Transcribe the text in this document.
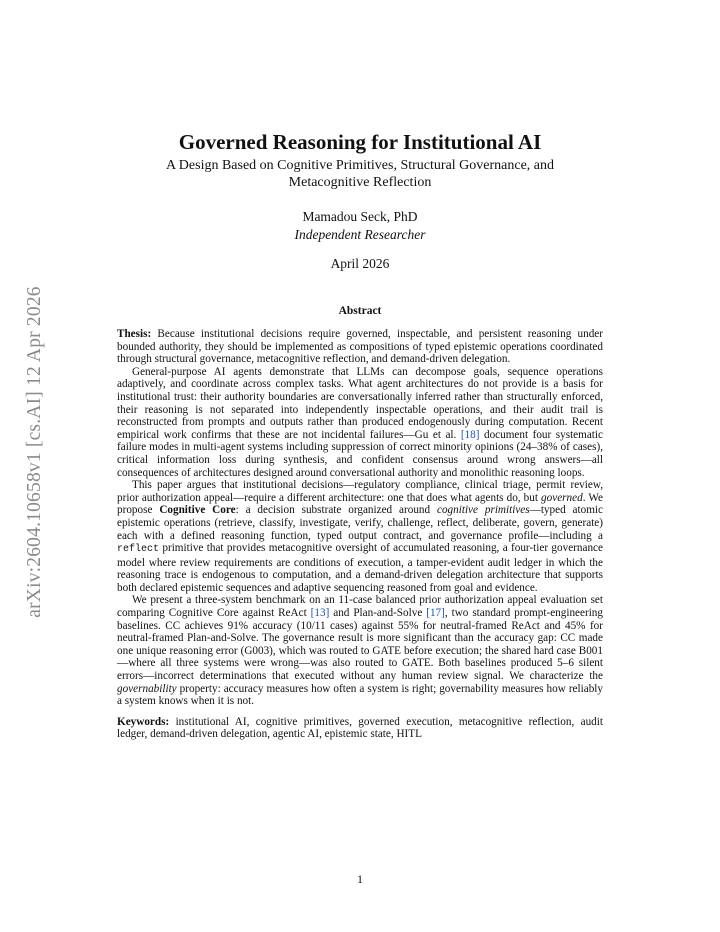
arXiv:2604.10658v1 [cs.AI] 12 Apr 2026
Governed Reasoning for Institutional AI
A Design Based on Cognitive Primitives, Structural Governance, and Metacognitive Reflection
Mamadou Seck, PhD
Independent Researcher
April 2026
Abstract

Thesis: Because institutional decisions require governed, inspectable, and persistent reasoning under bounded authority, they should be implemented as compositions of typed epistemic operations coordinated through structural governance, metacognitive reflection, and demand-driven delegation.

General-purpose AI agents demonstrate that LLMs can decompose goals, sequence operations adaptively, and coordinate across complex tasks. What agent architectures do not provide is a basis for institutional trust: their authority boundaries are conversationally inferred rather than structurally enforced, their reasoning is not separated into independently inspectable operations, and their audit trail is reconstructed from prompts and outputs rather than produced endogenously during computation. Recent empirical work confirms that these are not incidental failures—Gu et al. [18] document four systematic failure modes in multi-agent systems including suppression of correct minority opinions (24–38% of cases), critical information loss during synthesis, and confident consensus around wrong answers—all consequences of architectures designed around conversational authority and monolithic reasoning loops.

This paper argues that institutional decisions—regulatory compliance, clinical triage, permit review, prior authorization appeal—require a different architecture: one that does what agents do, but governed. We propose Cognitive Core: a decision substrate organized around cognitive primitives—typed atomic epistemic operations (retrieve, classify, investigate, verify, challenge, reflect, deliberate, govern, generate) each with a defined reasoning function, typed output contract, and governance profile—including a reflect primitive that provides metacognitive oversight of accumulated reasoning, a four-tier governance model where review requirements are conditions of execution, a tamper-evident audit ledger in which the reasoning trace is endogenous to computation, and a demand-driven delegation architecture that supports both declared epistemic sequences and adaptive sequencing reasoned from goal and evidence.

We present a three-system benchmark on an 11-case balanced prior authorization appeal evaluation set comparing Cognitive Core against ReAct [13] and Plan-and-Solve [17], two standard prompt-engineering baselines. CC achieves 91% accuracy (10/11 cases) against 55% for neutral-framed ReAct and 45% for neutral-framed Plan-and-Solve. The governance result is more significant than the accuracy gap: CC made one unique reasoning error (G003), which was routed to GATE before execution; the shared hard case B001—where all three systems were wrong—was also routed to GATE. Both baselines produced 5–6 silent errors—incorrect determinations that executed without any human review signal. We characterize the governability property: accuracy measures how often a system is right; governability measures how reliably a system knows when it is not.

Keywords: institutional AI, cognitive primitives, governed execution, metacognitive reflection, audit ledger, demand-driven delegation, agentic AI, epistemic state, HITL

1
